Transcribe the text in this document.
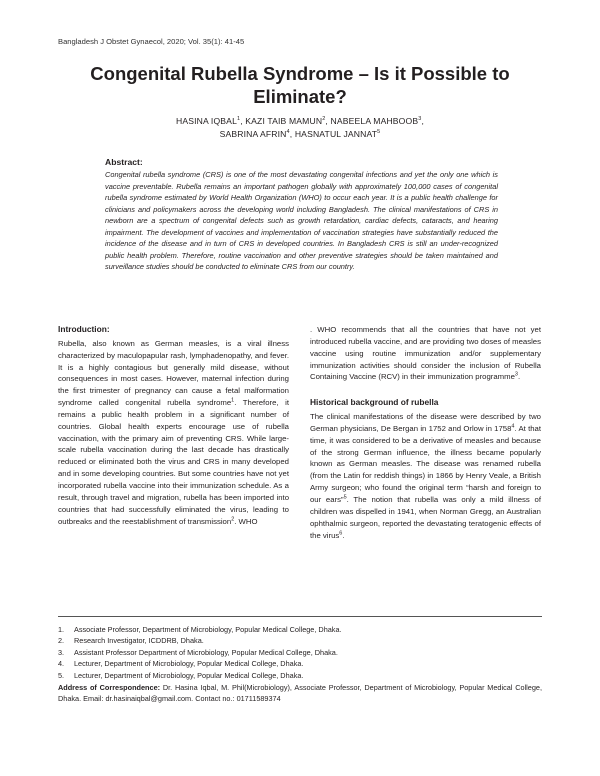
Bangladesh J Obstet Gynaecol, 2020; Vol. 35(1): 41-45
Congenital Rubella Syndrome – Is it Possible to Eliminate?

HASINA IQBAL$^1$, KAZI TAIB MAMUN$^2$, NABEELA MAHBOOB$^3$,

SABRINA AFRIN$^4$, HASNATUL JANNAT$^5$

Abstract:

Congenital rubella syndrome (CRS) is one of the most devastating congenital infections and yet the only one which is vaccine preventable. Rubella remains an important pathogen globally with approximately 100,000 cases of congenital rubella syndrome estimated by World Health Organization (WHO) to occur each year. It is a public health challenge for clinicians and policymakers across the developing world including Bangladesh. The clinical manifestations of CRS in newborn are a spectrum of congenital defects such as growth retardation, cardiac defects, cataracts, and hearing impairment. The development of vaccines and implementation of vaccination strategies have substantially reduced the incidence of the disease and in turn of CRS in developed countries. In Bangladesh CRS is still an under-recognized public health problem. Therefore, routine vaccination and other preventive strategies should be taken maintained and surveillance studies should be conducted to eliminate CRS from our country.

Introduction:

Rubella, also known as German measles, is a viral illness characterized by maculopapular rash, lymphadenopathy, and fever. It is a highly contagious but generally mild disease, without consequences in most cases. However, maternal infection during the first trimester of pregnancy can cause a fetal malformation syndrome called congenital rubella syndrome$^1$. Therefore, it remains a public health problem in a significant number of countries. Global health experts encourage use of rubella vaccination, with the primary aim of preventing CRS. While large-scale rubella vaccination during the last decade has drastically reduced or eliminated both the virus and CRS in many developed and in some developing countries. But some countries have not yet incorporated rubella vaccine into their immunization schedule. As a result, through travel and migration, rubella has been imported into countries that had successfully eliminated the virus, leading to outbreaks and the reestablishment of transmission$^2$. WHO

. WHO recommends that all the countries that have not yet introduced rubella vaccine, and are providing two doses of measles vaccine using routine immunization and/or supplementary immunization activities should consider the inclusion of Rubella Containing Vaccine (RCV) in their immunization programme$^3$.

Historical background of rubella

The clinical manifestations of the disease were described by two German physicians, De Bergan in 1752 and Orlow in 1758$^4$. At that time, it was considered to be a derivative of measles and because of the strong German influence, the illness became popularly known as German measles. The disease was renamed rubella (from the Latin for reddish things) in 1866 by Henry Veale, a British Army surgeon; who found the original term “harsh and foreign to our ears”$^5$. The notion that rubella was only a mild illness of children was dispelled in 1941, when Norman Gregg, an Australian ophthalmic surgeon, reported the devastating teratogenic effects of the virus$^6$.

1.	Associate Professor, Department of Microbiology, Popular Medical College, Dhaka.
2.	Research Investigator, ICDDRB, Dhaka.
3.	Assistant Professor Department of Microbiology, Popular Medical College, Dhaka.
4.	Lecturer, Department of Microbiology, Popular Medical College, Dhaka.
5.	Lecturer, Department of Microbiology, Popular Medical College, Dhaka.
Address of Correspondence: Dr. Hasina Iqbal, M. Phil(Microbiology), Associate Professor, Department of Microbiology, Popular Medical College, Dhaka. Email: dr.hasinaiqbal@gmail.com. Contact no.: 01711589374
